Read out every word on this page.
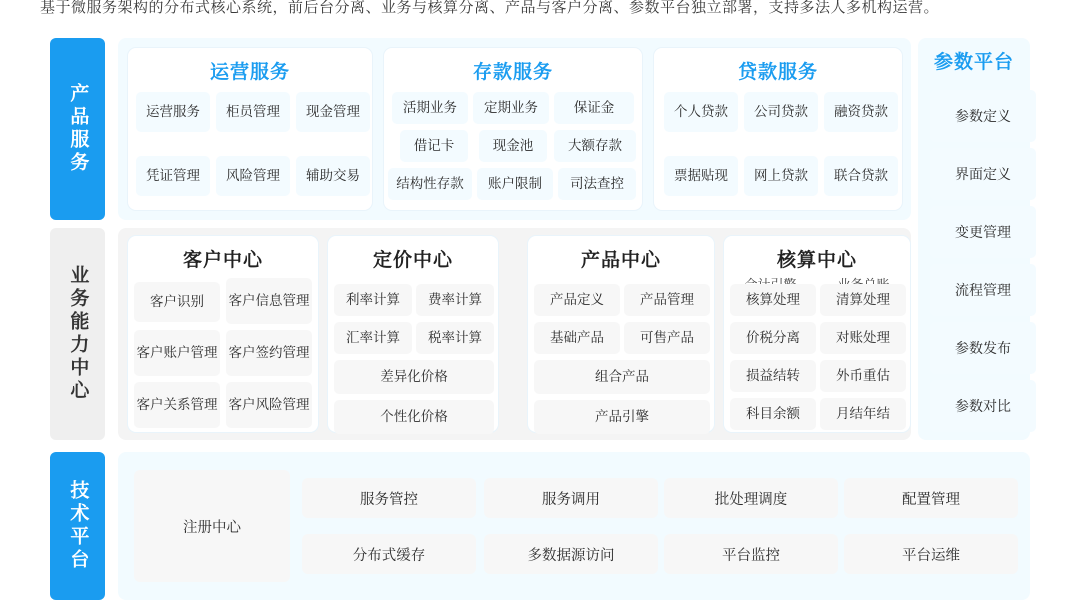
基于微服务架构的分布式核心系统，前后台分离、业务与核算分离、产品与客户分离、参数平台独立部署，支持多法人多机构运营。
产品服务
运营服务
运营服务	柜员管理	现金管理
凭证管理	风险管理	辅助交易
存款服务
活期业务	定期业务	保证金
借记卡	现金池	大额存款
结构性存款	账户限制	司法查控
贷款服务
个人贷款	公司贷款	融资贷款
票据贴现	网上贷款	联合贷款
参数平台
参数定义
界面定义
变更管理
流程管理
参数发布
参数对比
业务能力中心
客户中心
客户识别	客户信息管理
客户账户管理 客户签约管理
客户关系管理 客户风险管理
定价中心
利率计算	费率计算
汇率计算	税率计算
差异化价格
个性化价格
产品中心
产品定义	产品管理
基础产品	可售产品
组合产品
产品引擎
核算中心
核算处理	清算处理
价税分离	对账处理
损益结转	外币重估
科目余额	月结年结
技术平台	注册中心
服务管控	服务调用	批处理调度	配置管理
分布式缓存	多数据源访问	平台监控	平台运维
